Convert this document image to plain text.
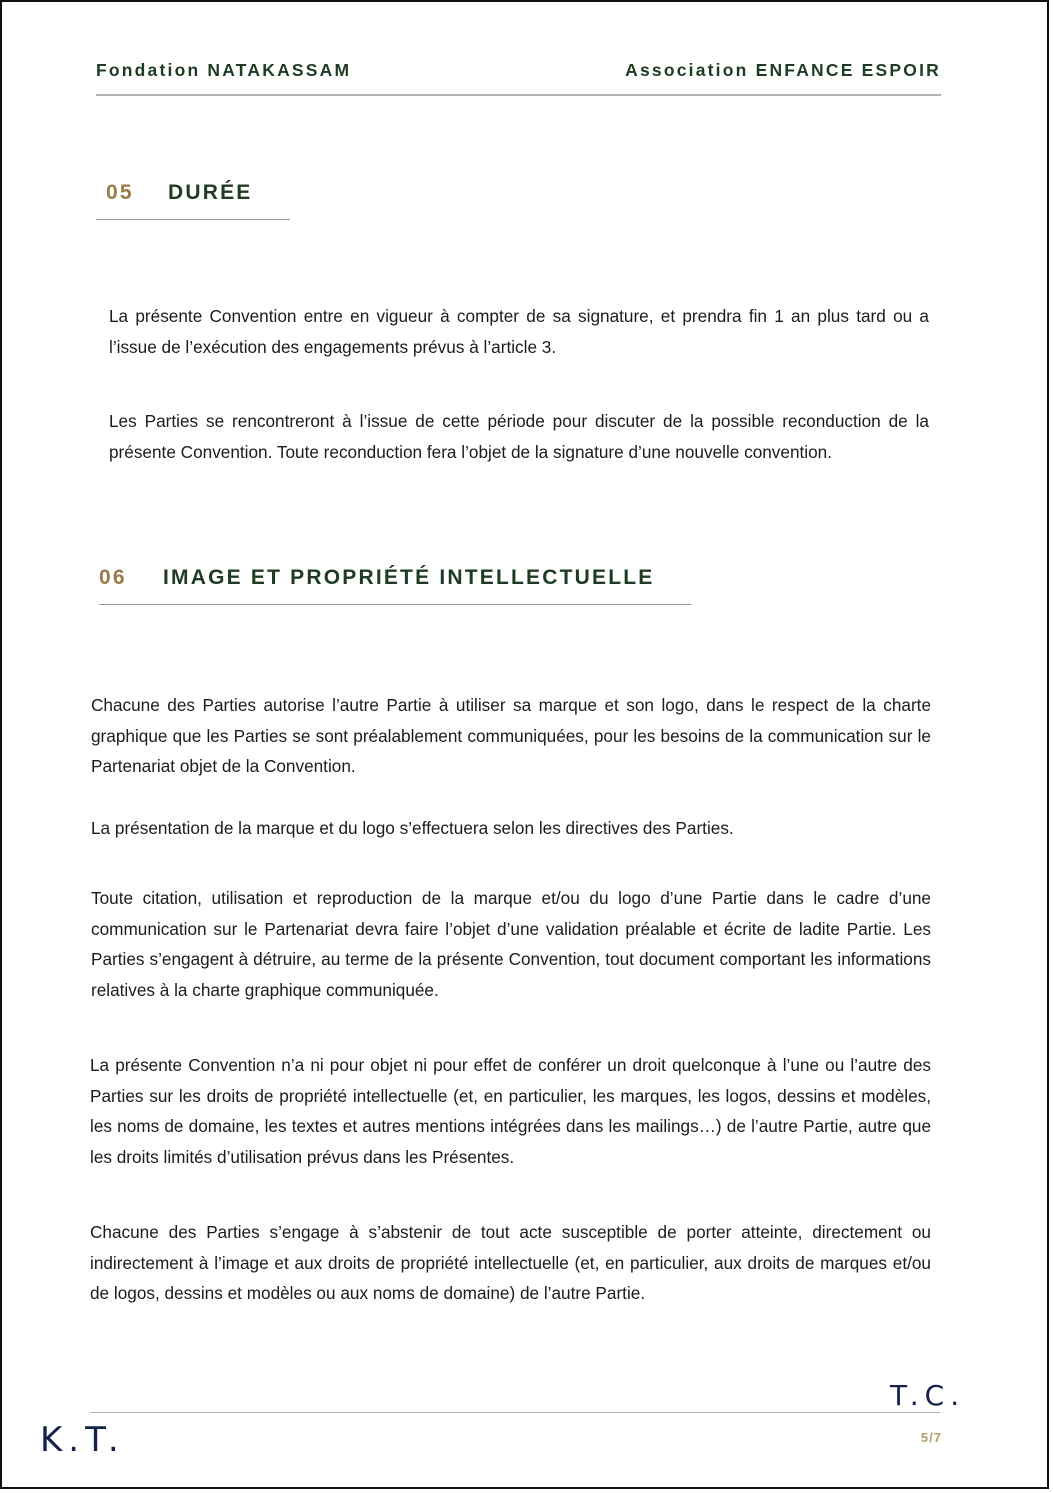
Fondation NATAKASSAM	Association ENFANCE ESPOIR
05	DURÉE

La présente Convention entre en vigueur à compter de sa signature, et prendra fin 1 an plus tard ou a l’issue de l’exécution des engagements prévus à l’article 3.

Les Parties se rencontreront à l’issue de cette période pour discuter de la possible reconduction de la présente Convention. Toute reconduction fera l’objet de la signature d’une nouvelle convention.

06	IMAGE ET PROPRIÉTÉ INTELLECTUELLE

Chacune des Parties autorise l’autre Partie à utiliser sa marque et son logo, dans le respect de la charte graphique que les Parties se sont préalablement communiquées, pour les besoins de la communication sur le Partenariat objet de la Convention.

La présentation de la marque et du logo s’effectuera selon les directives des Parties.

Toute citation, utilisation et reproduction de la marque et/ou du logo d’une Partie dans le cadre d’une communication sur le Partenariat devra faire l’objet d’une validation préalable et écrite de ladite Partie. Les Parties s’engagent à détruire, au terme de la présente Convention, tout document comportant les informations relatives à la charte graphique communiquée.

La présente Convention n’a ni pour objet ni pour effet de conférer un droit quelconque à l’une ou l’autre des Parties sur les droits de propriété intellectuelle (et, en particulier, les marques, les logos, dessins et modèles, les noms de domaine, les textes et autres mentions intégrées dans les mailings…) de l’autre Partie, autre que les droits limités d’utilisation prévus dans les Présentes.

Chacune des Parties s’engage à s’abstenir de tout acte susceptible de porter atteinte, directement ou indirectement à l’image et aux droits de propriété intellectuelle (et, en particulier, aux droits de marques et/ou de logos, dessins et modèles ou aux noms de domaine) de l’autre Partie.

T.C.
5/7
K.T.
